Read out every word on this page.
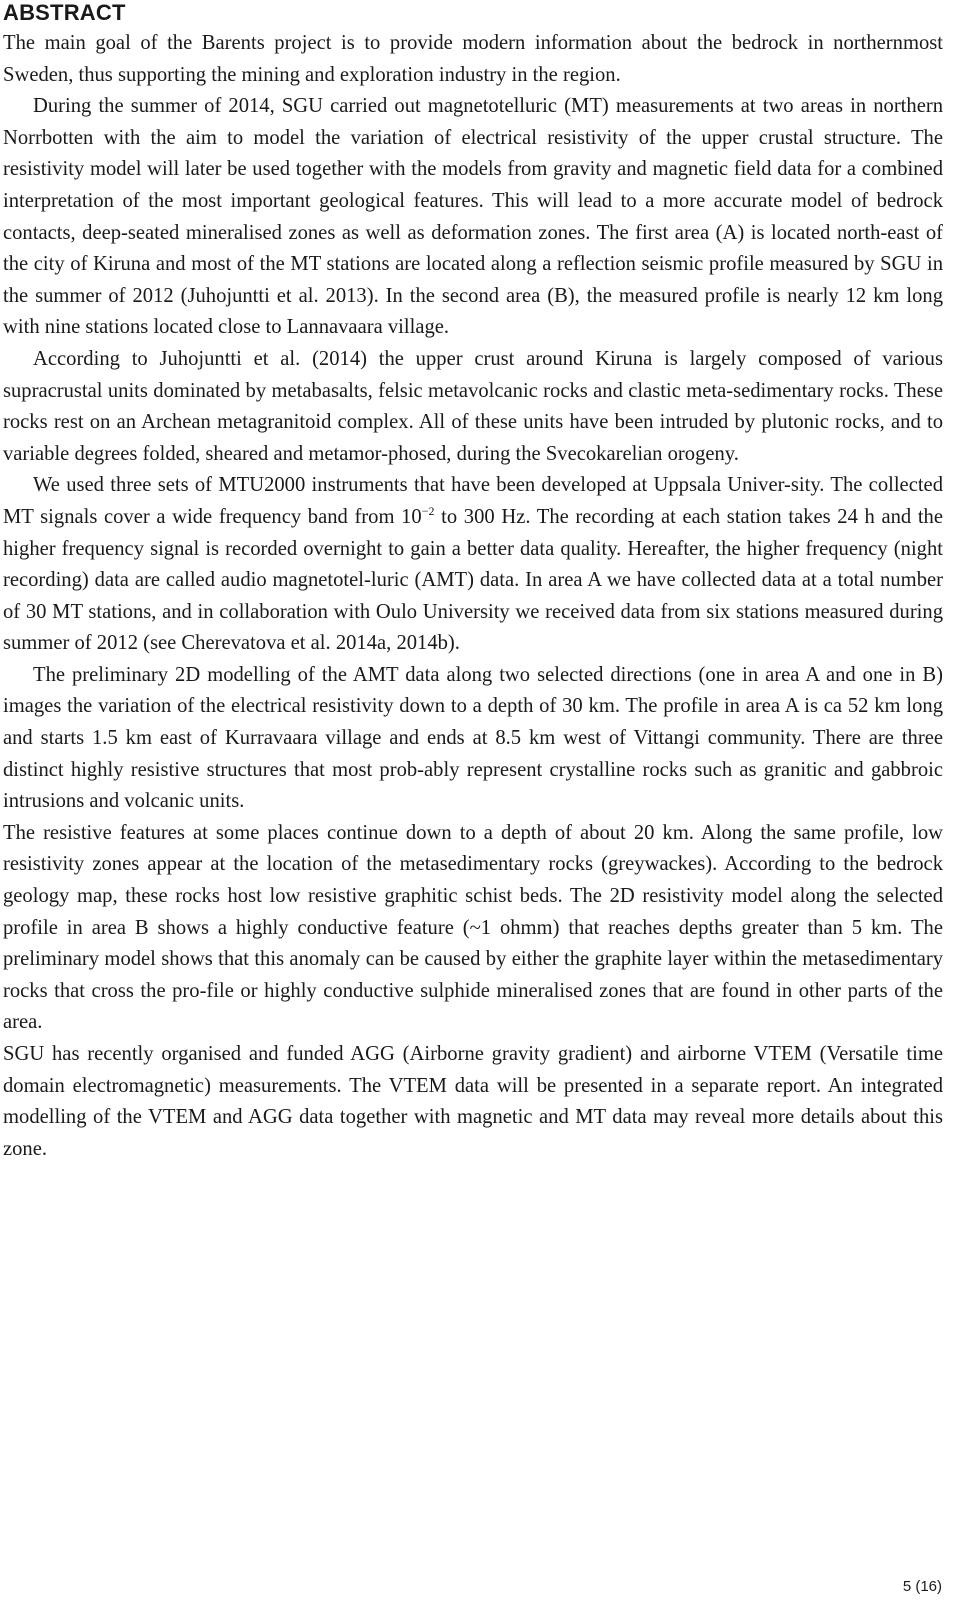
ABSTRACT

The main goal of the Barents project is to provide modern information about the bedrock in northernmost Sweden, thus supporting the mining and exploration industry in the region.

During the summer of 2014, SGU carried out magnetotelluric (MT) measurements at two areas in northern Norrbotten with the aim to model the variation of electrical resistivity of the upper crustal structure. The resistivity model will later be used together with the models from gravity and magnetic field data for a combined interpretation of the most important geological features. This will lead to a more accurate model of bedrock contacts, deep-seated mineralised zones as well as deformation zones. The first area (A) is located north-east of the city of Kiruna and most of the MT stations are located along a reflection seismic profile measured by SGU in the summer of 2012 (Juhojuntti et al. 2013). In the second area (B), the measured profile is nearly 12 km long with nine stations located close to Lannavaara village.

According to Juhojuntti et al. (2014) the upper crust around Kiruna is largely composed of various supracrustal units dominated by metabasalts, felsic metavolcanic rocks and clastic meta-sedimentary rocks. These rocks rest on an Archean metagranitoid complex. All of these units have been intruded by plutonic rocks, and to variable degrees folded, sheared and metamor-phosed, during the Svecokarelian orogeny.

We used three sets of MTU2000 instruments that have been developed at Uppsala Univer-sity. The collected MT signals cover a wide frequency band from $10^{-2}$ to 300 Hz. The recording at each station takes 24 h and the higher frequency signal is recorded overnight to gain a better data quality. Hereafter, the higher frequency (night recording) data are called audio magnetotel-luric (AMT) data. In area A we have collected data at a total number of 30 MT stations, and in collaboration with Oulo University we received data from six stations measured during summer of 2012 (see Cherevatova et al. 2014a, 2014b).

The preliminary 2D modelling of the AMT data along two selected directions (one in area A and one in B) images the variation of the electrical resistivity down to a depth of 30 km. The profile in area A is ca 52 km long and starts 1.5 km east of Kurravaara village and ends at 8.5 km west of Vittangi community. There are three distinct highly resistive structures that most prob-ably represent crystalline rocks such as granitic and gabbroic intrusions and volcanic units.

The resistive features at some places continue down to a depth of about 20 km. Along the same profile, low resistivity zones appear at the location of the metasedimentary rocks (greywackes). According to the bedrock geology map, these rocks host low resistive graphitic schist beds. The 2D resistivity model along the selected profile in area B shows a highly conductive feature (~1 ohmm) that reaches depths greater than 5 km. The preliminary model shows that this anomaly can be caused by either the graphite layer within the metasedimentary rocks that cross the pro-file or highly conductive sulphide mineralised zones that are found in other parts of the area.

SGU has recently organised and funded AGG (Airborne gravity gradient) and airborne VTEM (Versatile time domain electromagnetic) measurements. The VTEM data will be presented in a separate report. An integrated modelling of the VTEM and AGG data together with magnetic and MT data may reveal more details about this zone.

5 (16)
